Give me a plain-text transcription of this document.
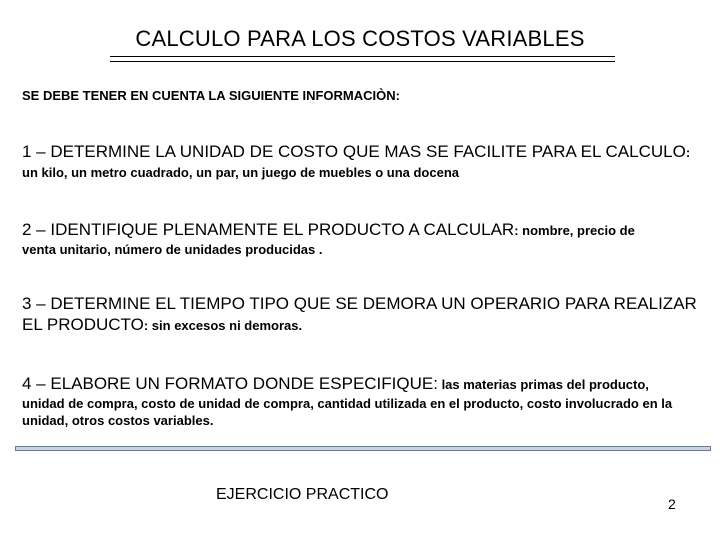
CALCULO PARA LOS COSTOS VARIABLES
SE DEBE TENER EN CUENTA LA SIGUIENTE INFORMACIÒN:
1 – DETERMINE LA UNIDAD DE COSTO QUE MAS SE FACILITE PARA EL CALCULO: un kilo, un metro cuadrado, un par, un juego de muebles o una docena
2 – IDENTIFIQUE PLENAMENTE EL PRODUCTO A CALCULAR: nombre, precio de
venta unitario, número de unidades producidas .
3 – DETERMINE EL TIEMPO TIPO QUE SE DEMORA UN OPERARIO PARA REALIZAR EL PRODUCTO: sin excesos ni demoras.
4 – ELABORE UN FORMATO DONDE ESPECIFIQUE: las materias primas del producto,
unidad de compra, costo de unidad de compra, cantidad utilizada en el producto, costo involucrado en la unidad, otros costos variables.
EJERCICIO PRACTICO
2
